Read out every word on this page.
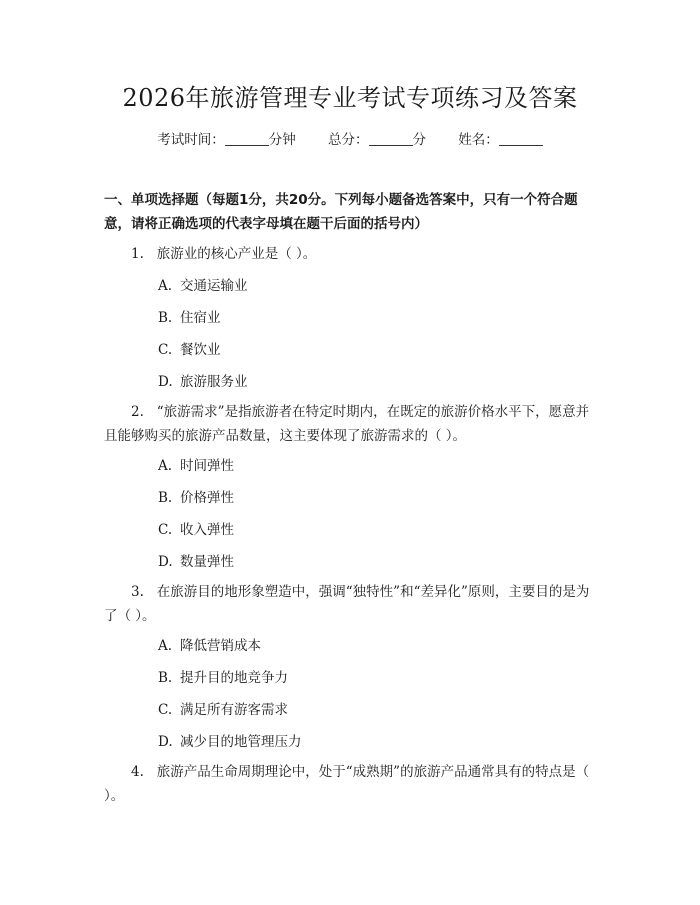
2026年旅游管理专业考试专项练习及答案
考试时间：	分钟 总分：	分 姓名：
一、单项选择题（每题1分，共20分。下列每小题备选答案中，只有一个符合题意，请将正确选项的代表字母填在题干后面的括号内）
1. 旅游业的核心产业是（ ）。
A. 交通运输业
B. 住宿业
C. 餐饮业
D. 旅游服务业
2. “旅游需求”是指旅游者在特定时期内，在既定的旅游价格水平下，愿意并且能够购买的旅游产品数量，这主要体现了旅游需求的（ ）。
A. 时间弹性
B. 价格弹性
C. 收入弹性
D. 数量弹性
3. 在旅游目的地形象塑造中，强调“独特性”和“差异化”原则，主要目的是为了（ ）。
A. 降低营销成本
B. 提升目的地竞争力
C. 满足所有游客需求
D. 减少目的地管理压力
4. 旅游产品生命周期理论中，处于“成熟期”的旅游产品通常具有的特点是（ ）。
